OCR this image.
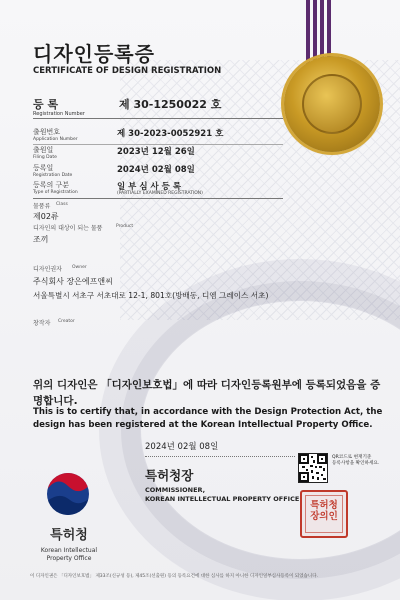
디자인등록증
CERTIFICATE OF DESIGN REGISTRATION
등 록	제 30-1250022 호
Registration Number
출원번호
Application Number
제 30-2023-0052921 호
출원일
Filing Date
2023년 12월 26일
등록일
Registration Date
2024년 02월 08일
등록의 구분
Type of Registration
일 부 심 사 등 록
(PARTIALLY EXAMINED REGISTRATION)
물품류 Class
제02류
디자인의 대상이 되는 물품	Product
조끼
디자인권자 Owner
주식회사 장은에프앤씨
서울특별시 서초구 서초대로 12-1, 801호(방배동, 디엠 그레이스 서초)
창작자 Creator
위의 디자인은 「디자인보호법」에 따라 디자인등록원부에 등록되었음을 증명합니다.
This is to certify that, in accordance with the Design Protection Act, the design has been registered at the Korean Intellectual Property Office.
2024년 02월 08일
특허청장
COMMISSIONER,
KOREAN INTELLECTUAL PROPERTY OFFICE
QR코드로 현재기준
등록사항을 확인하세요.
특허청
장의인
특허청
Korean Intellectual
Property Office
이 디자인권은 「디자인보호법」 제33조(신규성 등), 제45조(선출원) 등의 등록요건에 대한 심사를 하지 아니한 디자인일부심사등록이 되었습니다.
